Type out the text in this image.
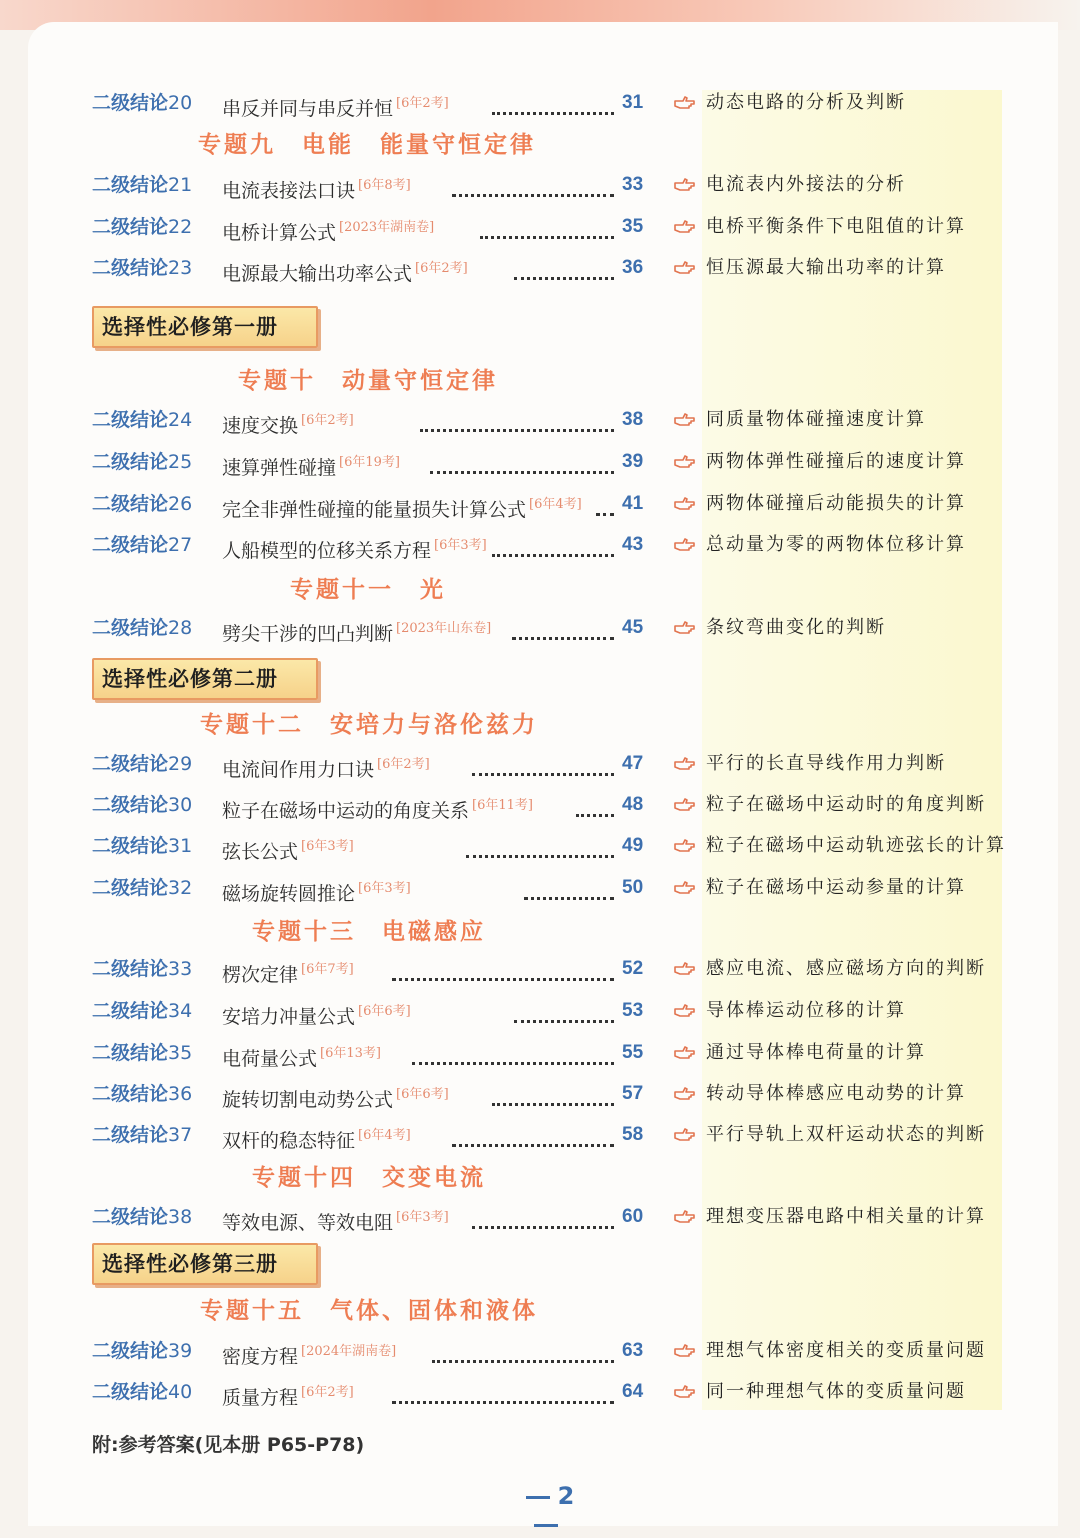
二级结论20 串反并同与串反并恒 [6年2考]	31	动态电路的分析及判断
二级结论21 电流表接法口诀 [6年8考]	33	电流表内外接法的分析
二级结论22 电桥计算公式 [2023年湖南卷]	35	电桥平衡条件下电阻值的计算
二级结论23 电源最大输出功率公式 [6年2考]	36	恒压源最大输出功率的计算
二级结论24 速度交换 [6年2考]	38	同质量物体碰撞速度计算
二级结论25 速算弹性碰撞 [6年19考]	39	两物体弹性碰撞后的速度计算
二级结论26 完全非弹性碰撞的能量损失计算公式 [6年4考] 41	两物体碰撞后动能损失的计算
二级结论27 人船模型的位移关系方程 [6年3考]	43	总动量为零的两物体位移计算
二级结论28 劈尖干涉的凹凸判断 [2023年山东卷]	45	条纹弯曲变化的判断
二级结论29 电流间作用力口诀 [6年2考]	47	平行的长直导线作用力判断
二级结论30 粒子在磁场中运动的角度关系 [6年11考]	48	粒子在磁场中运动时的角度判断
二级结论31 弦长公式 [6年3考]	49	粒子在磁场中运动轨迹弦长的计算
二级结论32 磁场旋转圆推论 [6年3考]	50	粒子在磁场中运动参量的计算
二级结论33 楞次定律 [6年7考]	52	感应电流、感应磁场方向的判断
二级结论34 安培力冲量公式 [6年6考]	53	导体棒运动位移的计算
二级结论35 电荷量公式 [6年13考]	55	通过导体棒电荷量的计算
二级结论36 旋转切割电动势公式 [6年6考]	57	转动导体棒感应电动势的计算
二级结论37 双杆的稳态特征 [6年4考]	58	平行导轨上双杆运动状态的判断
二级结论38 等效电源、等效电阻 [6年3考]	60	理想变压器电路中相关量的计算
二级结论39 密度方程 [2024年湖南卷]	63	理想气体密度相关的变质量问题
二级结论40 质量方程 [6年2考]	64	同一种理想气体的变质量问题
专题九　电能　能量守恒定律
专题十　动量守恒定律
专题十一　光
专题十二　安培力与洛伦兹力
专题十三　电磁感应
专题十四　交变电流
专题十五　气体、固体和液体
选择性必修第一册
选择性必修第二册
选择性必修第三册
附:参考答案(见本册 P65-P78)
2
